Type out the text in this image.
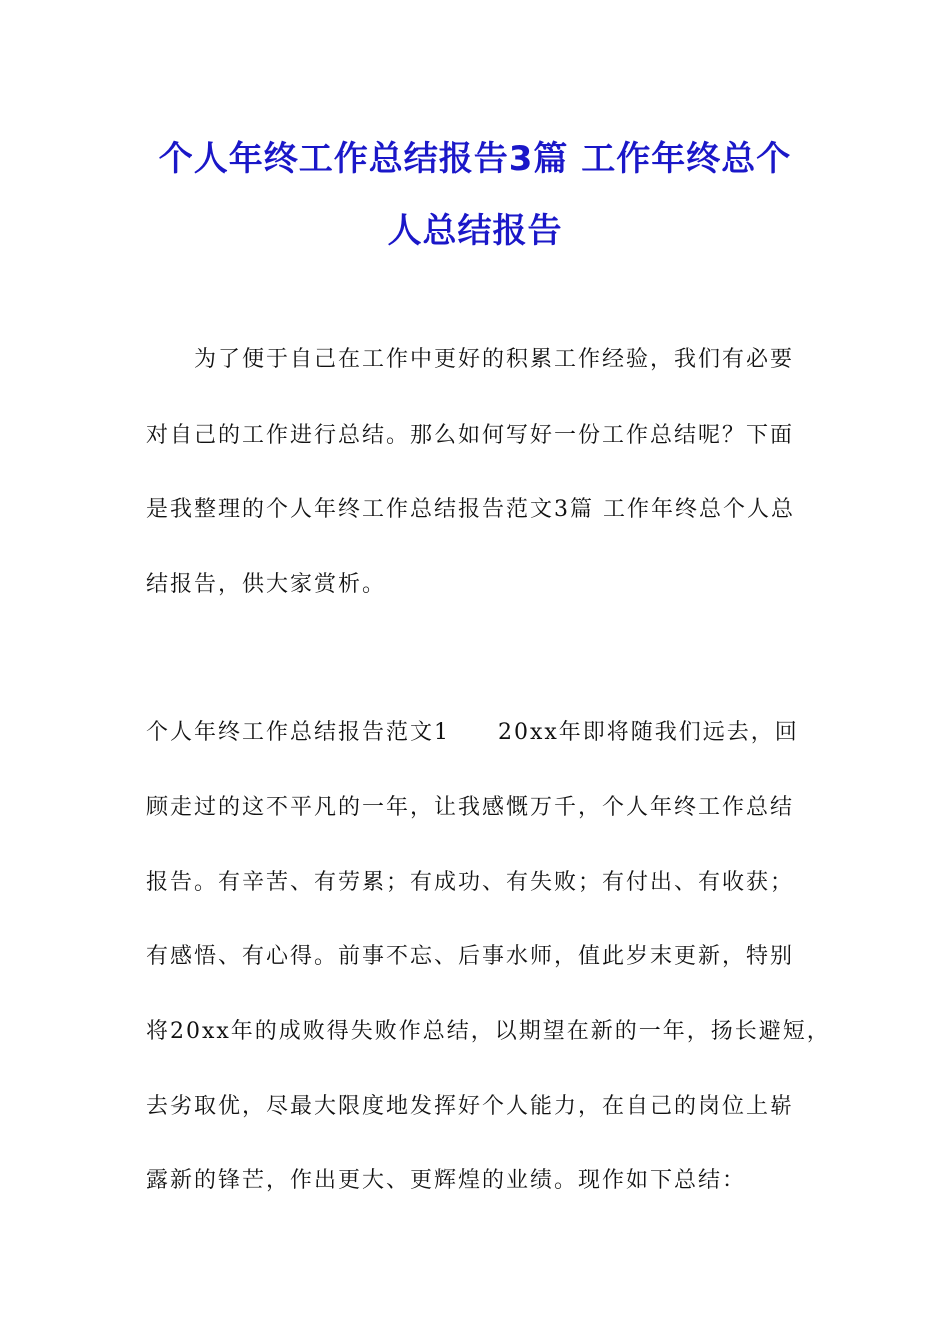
个人年终工作总结报告3篇 工作年终总个
人总结报告
为了便于自己在工作中更好的积累工作经验，我们有必要
对自己的工作进行总结。那么如何写好一份工作总结呢？下面
是我整理的个人年终工作总结报告范文3篇 工作年终总个人总
结报告，供大家赏析。
个人年终工作总结报告范文1　　20xx年即将随我们远去，回
顾走过的这不平凡的一年，让我感慨万千，个人年终工作总结
报告。有辛苦、有劳累；有成功、有失败；有付出、有收获；
有感悟、有心得。前事不忘、后事水师，值此岁末更新，特别
将20xx年的成败得失败作总结，以期望在新的一年，扬长避短，
去劣取优，尽最大限度地发挥好个人能力，在自己的岗位上崭
露新的锋芒，作出更大、更辉煌的业绩。现作如下总结：
